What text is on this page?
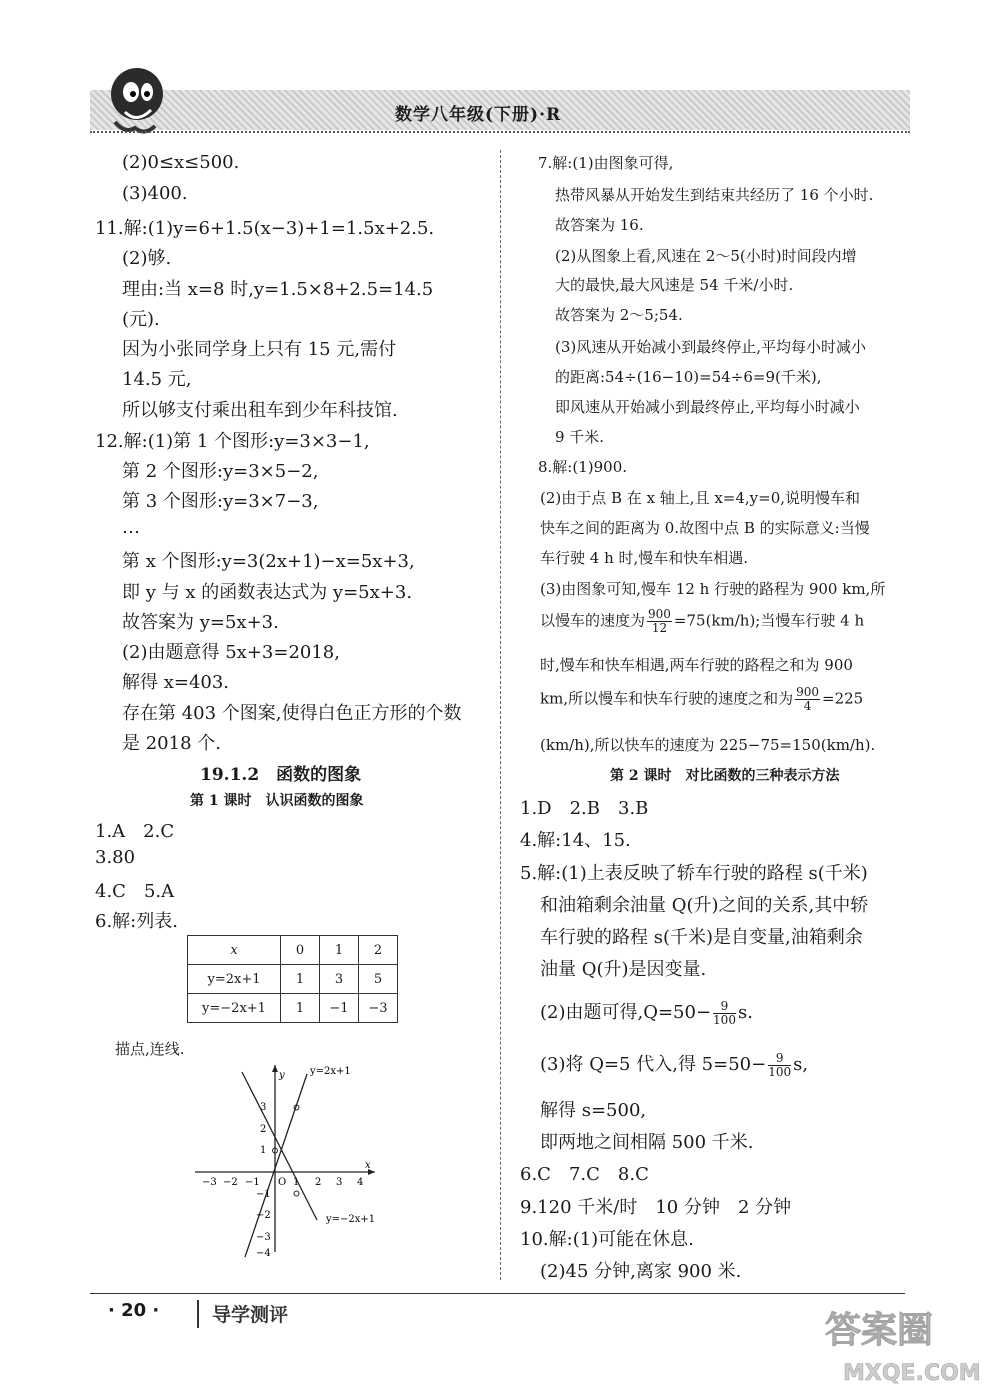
数学八年级(下册)·R
(2)0≤x≤500.
(3)400.
11.解:(1)y=6+1.5(x−3)+1=1.5x+2.5.
(2)够.
理由:当 x=8 时,y=1.5×8+2.5=14.5
(元).
因为小张同学身上只有 15 元,需付
14.5 元,
所以够支付乘出租车到少年科技馆.
12.解:(1)第 1 个图形:y=3×3−1,
第 2 个图形:y=3×5−2,
第 3 个图形:y=3×7−3,
…
第 x 个图形:y=3(2x+1)−x=5x+3,
即 y 与 x 的函数表达式为 y=5x+3.
故答案为 y=5x+3.
(2)由题意得 5x+3=2018,
解得 x=403.
存在第 403 个图案,使得白色正方形的个数
是 2018 个.
19.1.2　函数的图象
第 1 课时　认识函数的图象
1.A　2.C
3.80
4.C　5.A
6.解:列表.
x	0	1	2
y=2x+1	1	3	5
y=−2x+1	1	−1	−3
描点,连线.
−3 −2 −1	1 2 3 4
O
x
y
3
2
1
−1
−2
−3
−4
y=2x+1
y=−2x+1
7.解:(1)由图象可得,
热带风暴从开始发生到结束共经历了 16 个小时.
故答案为 16.
(2)从图象上看,风速在 2～5(小时)时间段内增
大的最快,最大风速是 54 千米/小时.
故答案为 2～5;54.
(3)风速从开始减小到最终停止,平均每小时减小
的距离:54÷(16−10)=54÷6=9(千米),
即风速从开始减小到最终停止,平均每小时减小
9 千米.
8.解:(1)900.
(2)由于点 B 在 x 轴上,且 x=4,y=0,说明慢车和
快车之间的距离为 0.故图中点 B 的实际意义:当慢
车行驶 4 h 时,慢车和快车相遇.
(3)由图象可知,慢车 12 h 行驶的路程为 900 km,所
以慢车的速度为 $\frac{900}{12} =75(km/h)$;当慢车行驶 4 h
时,慢车和快车相遇,两车行驶的路程之和为 900
km,所以慢车和快车行驶的速度之和为 $\frac{900}{4} =225$
(km/h),所以快车的速度为 225−75=150(km/h).
第 2 课时　对比函数的三种表示方法
1.D　2.B　3.B
4.解:14、15.
5.解:(1)上表反映了轿车行驶的路程 s(千米)
和油箱剩余油量 Q(升)之间的关系,其中轿
车行驶的路程 s(千米)是自变量,油箱剩余
油量 Q(升)是因变量.
(2)由题可得$,Q=50- \frac{9}{100} s$.
(3)将 Q=5 代入,得 $5=50- \frac{9}{100} s$,
解得 s=500,
即两地之间相隔 500 千米.
6.C　7.C　8.C
9.120 千米/时　10 分钟　2 分钟
10.解:(1)可能在休息.
(2)45 分钟,离家 900 米.
· 20 ·	导学测评	答案圈
MXQE.COM
